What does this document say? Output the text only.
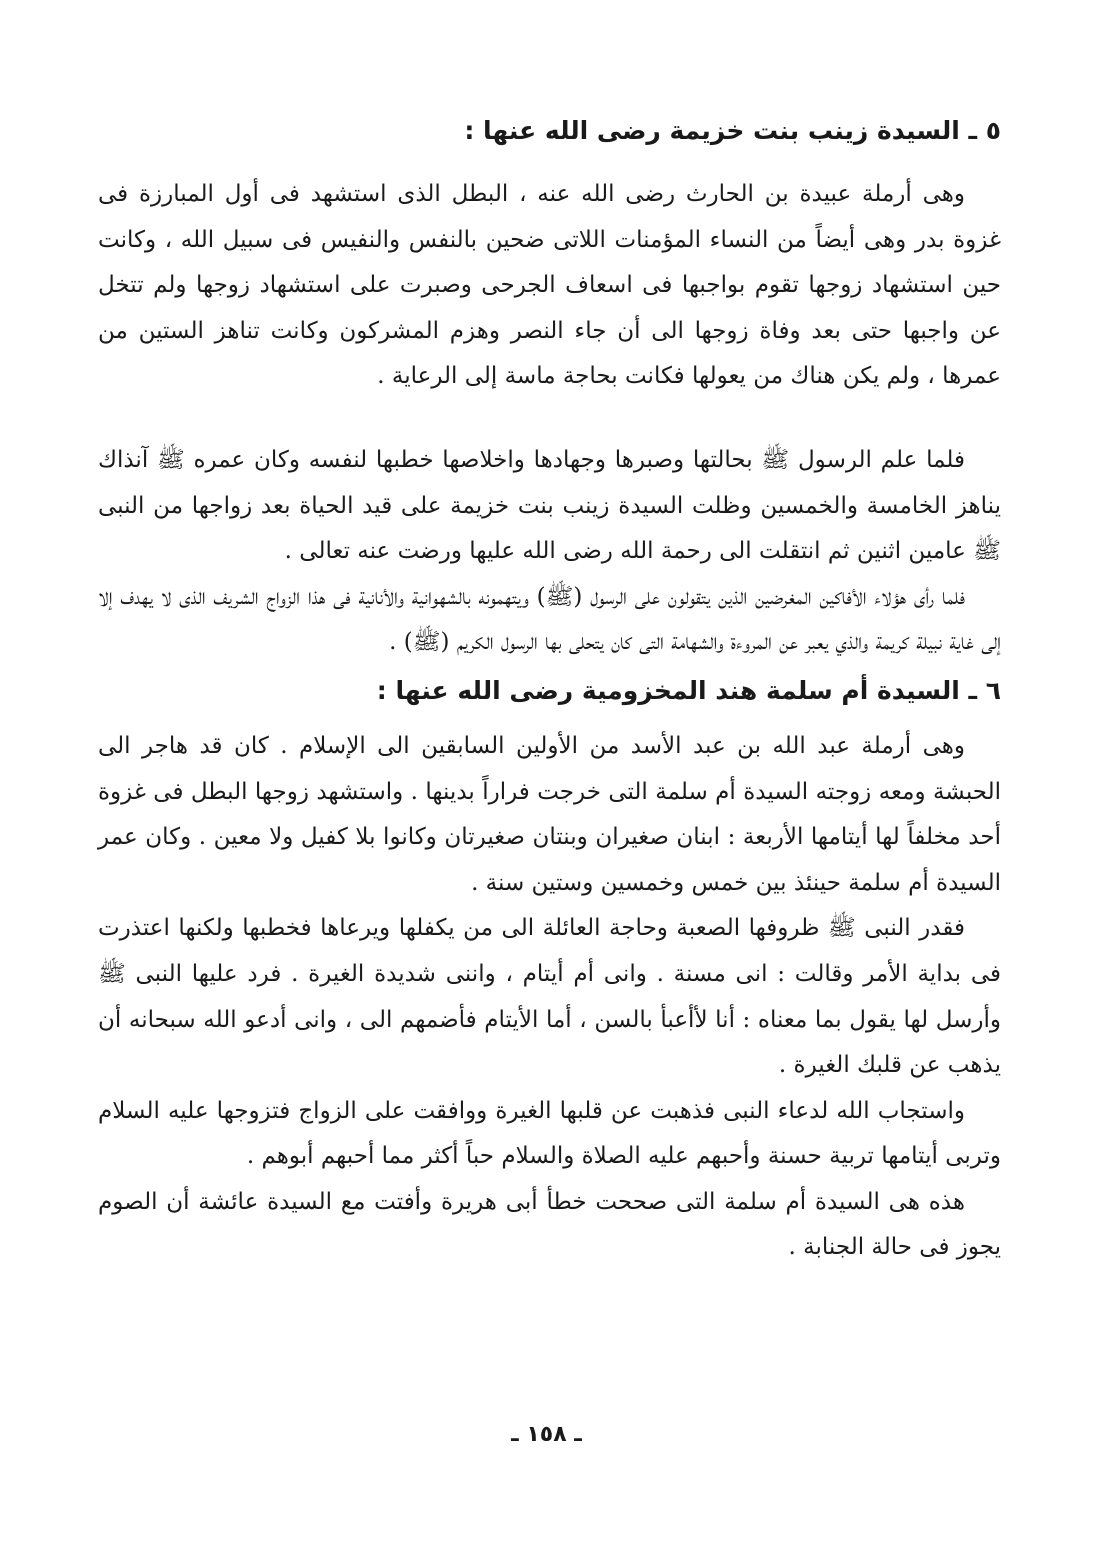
٥ ـ السيدة زينب بنت خزيمة رضى الله عنها :

وهى أرملة عبيدة بن الحارث رضى الله عنه ، البطل الذى استشهد فى أول المبارزة فى غزوة بدر وهى أيضاً من النساء المؤمنات اللاتى ضحين بالنفس والنفيس فى سبيل الله ، وكانت حين استشهاد زوجها تقوم بواجبها فى اسعاف الجرحى وصبرت على استشهاد زوجها ولم تتخل عن واجبها حتى بعد وفاة زوجها الى أن جاء النصر وهزم المشركون وكانت تناهز الستين من عمرها ، ولم يكن هناك من يعولها فكانت بحاجة ماسة إلى الرعاية .

فلما علم الرسول ﷺ بحالتها وصبرها وجهادها واخلاصها خطبها لنفسه وكان عمره ﷺ آنذاك يناهز الخامسة والخمسين وظلت السيدة زينب بنت خزيمة على قيد الحياة بعد زواجها من النبى ﷺ عامين اثنين ثم انتقلت الى رحمة الله رضى الله عليها ورضت عنه تعالى .

فلما رأى هؤلاء الأفاكين المغرضين الذين يتقولون على الرسول (ﷺ) ويتهمونه بالشهوانية والأنانية فى هذا الزواج الشريف الذى لا يهدف إلا إلى غاية نبيلة كريمة والذي يعبر عن المروءة والشهامة التى كان يتحلى بها الرسول الكريم (ﷺ) .

٦ ـ السيدة أم سلمة هند المخزومية رضى الله عنها :

وهى أرملة عبد الله بن عبد الأسد من الأولين السابقين الى الإسلام . كان قد هاجر الى الحبشة ومعه زوجته السيدة أم سلمة التى خرجت فراراً بدينها . واستشهد زوجها البطل فى غزوة أحد مخلفاً لها أيتامها الأربعة : ابنان صغيران وبنتان صغيرتان وكانوا بلا كفيل ولا معين . وكان عمر السيدة أم سلمة حينئذ بين خمس وخمسين وستين سنة .

فقدر النبى ﷺ ظروفها الصعبة وحاجة العائلة الى من يكفلها ويرعاها فخطبها ولكنها اعتذرت فى بداية الأمر وقالت : انى مسنة . وانى أم أيتام ، واننى شديدة الغيرة . فرد عليها النبى ﷺ وأرسل لها يقول بما معناه : أنا لأأعبأ بالسن ، أما الأيتام فأضمهم الى ، وانى أدعو الله سبحانه أن يذهب عن قلبك الغيرة .

واستجاب الله لدعاء النبى فذهبت عن قلبها الغيرة ووافقت على الزواج فتزوجها عليه السلام وتربى أيتامها تربية حسنة وأحبهم عليه الصلاة والسلام حباً أكثر مما أحبهم أبوهم .

هذه هى السيدة أم سلمة التى صححت خطأ أبى هريرة وأفتت مع السيدة عائشة أن الصوم يجوز فى حالة الجنابة .

ـ ١٥٨ ـ
